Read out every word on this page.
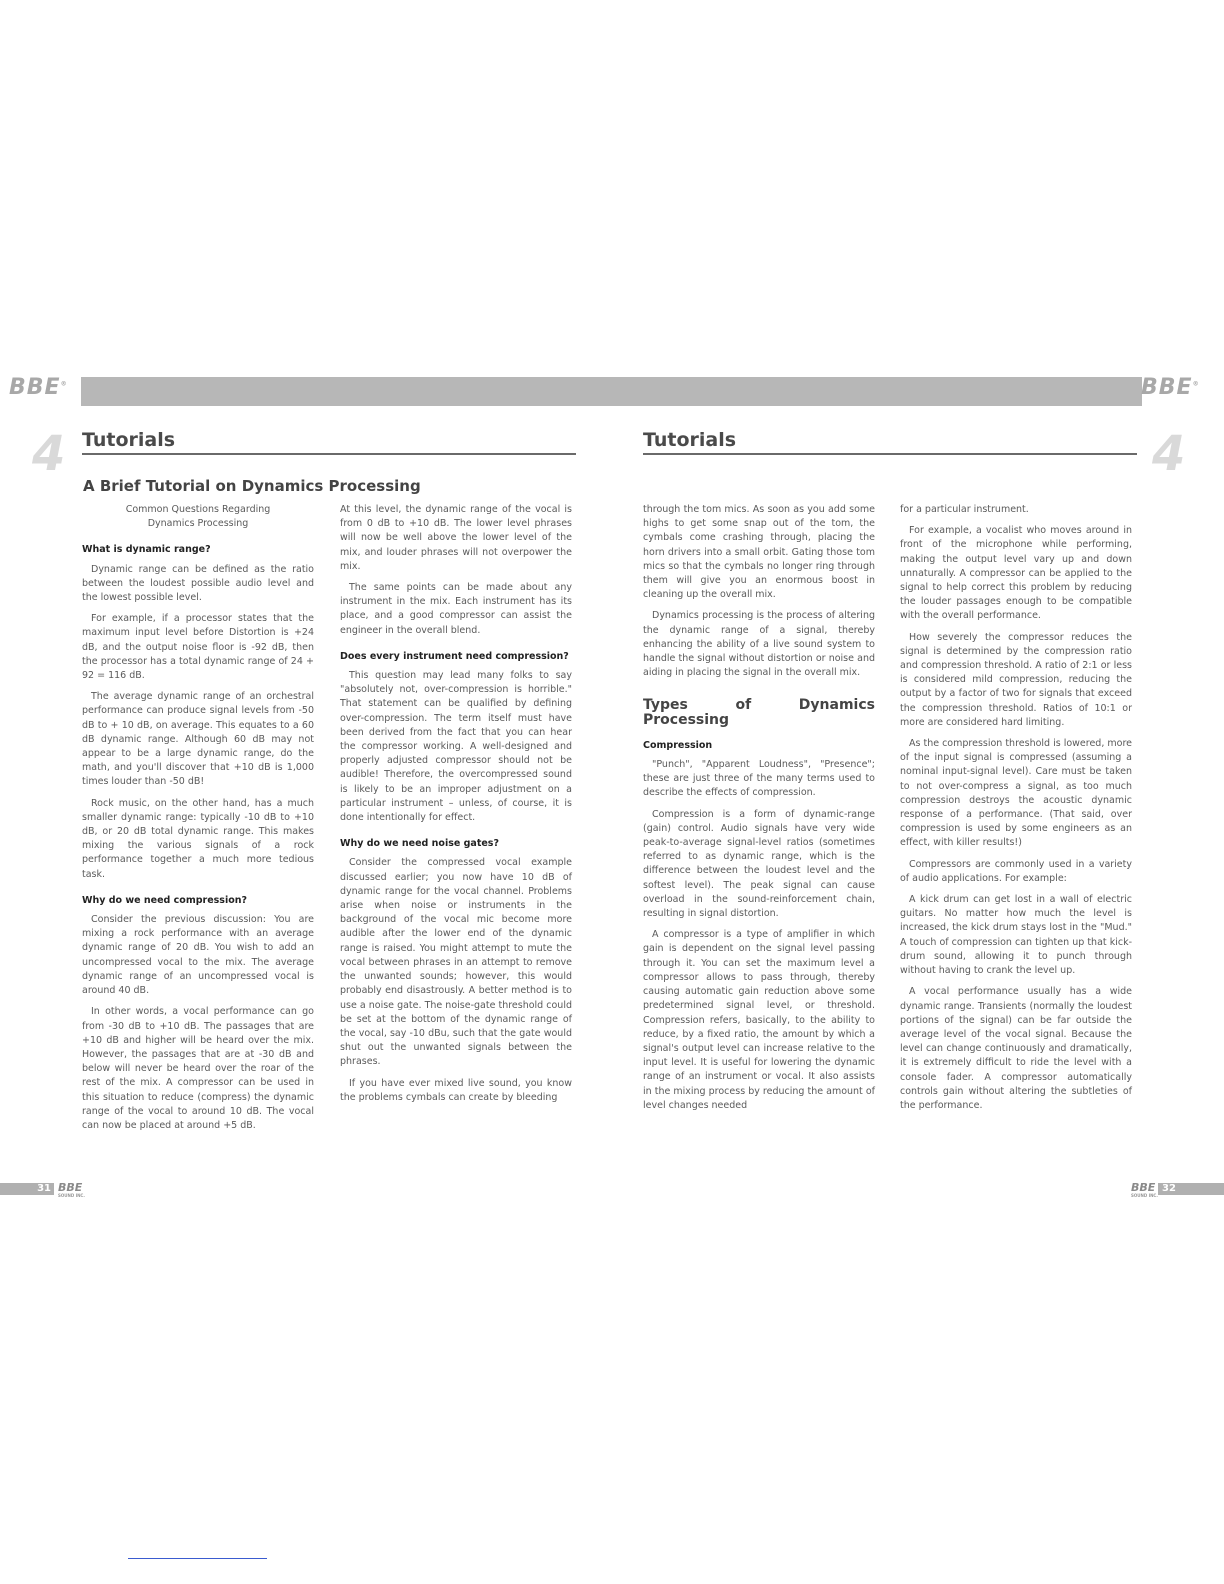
BBE®	BBE®
4	4
Tutorials	Tutorials
A Brief Tutorial on Dynamics Processing

Common Questions Regarding Dynamics Processing

What is dynamic range?

Dynamic range can be defined as the ratio between the loudest possible audio level and the lowest possible level.

For example, if a processor states that the maximum input level before Distortion is +24 dB, and the output noise floor is -92 dB, then the processor has a total dynamic range of 24 + 92 = 116 dB.

The average dynamic range of an orchestral performance can produce signal levels from -50 dB to + 10 dB, on average. This equates to a 60 dB dynamic range. Although 60 dB may not appear to be a large dynamic range, do the math, and you'll discover that +10 dB is 1,000 times louder than -50 dB!

Rock music, on the other hand, has a much smaller dynamic range: typically -10 dB to +10 dB, or 20 dB total dynamic range. This makes mixing the various signals of a rock performance together a much more tedious task.

Why do we need compression?

Consider the previous discussion: You are mixing a rock performance with an average dynamic range of 20 dB. You wish to add an uncompressed vocal to the mix. The average dynamic range of an uncompressed vocal is around 40 dB.

In other words, a vocal performance can go from -30 dB to +10 dB. The passages that are +10 dB and higher will be heard over the mix. However, the passages that are at -30 dB and below will never be heard over the roar of the rest of the mix. A compressor can be used in this situation to reduce (compress) the dynamic range of the vocal to around 10 dB. The vocal can now be placed at around +5 dB.

At this level, the dynamic range of the vocal is from 0 dB to +10 dB. The lower level phrases will now be well above the lower level of the mix, and louder phrases will not overpower the mix.

The same points can be made about any instrument in the mix. Each instrument has its place, and a good compressor can assist the engineer in the overall blend.

Does every instrument need compression?

This question may lead many folks to say "absolutely not, over-compression is horrible." That statement can be qualified by defining over-compression. The term itself must have been derived from the fact that you can hear the compressor working. A well-designed and properly adjusted compressor should not be audible! Therefore, the overcompressed sound is likely to be an improper adjustment on a particular instrument – unless, of course, it is done intentionally for effect.

Why do we need noise gates?

Consider the compressed vocal example discussed earlier; you now have 10 dB of dynamic range for the vocal channel. Problems arise when noise or instruments in the background of the vocal mic become more audible after the lower end of the dynamic range is raised. You might attempt to mute the vocal between phrases in an attempt to remove the unwanted sounds; however, this would probably end disastrously. A better method is to use a noise gate. The noise-gate threshold could be set at the bottom of the dynamic range of the vocal, say -10 dBu, such that the gate would shut out the unwanted signals between the phrases.

If you have ever mixed live sound, you know the problems cymbals can create by bleeding

through the tom mics. As soon as you add some highs to get some snap out of the tom, the cymbals come crashing through, placing the horn drivers into a small orbit. Gating those tom mics so that the cymbals no longer ring through them will give you an enormous boost in cleaning up the overall mix.

Dynamics processing is the process of altering the dynamic range of a signal, thereby enhancing the ability of a live sound system to handle the signal without distortion or noise and aiding in placing the signal in the overall mix.

Types of Dynamics Processing
Compression

"Punch", "Apparent Loudness", "Presence"; these are just three of the many terms used to describe the effects of compression.

Compression is a form of dynamic-range (gain) control. Audio signals have very wide peak-to-average signal-level ratios (sometimes referred to as dynamic range, which is the difference between the loudest level and the softest level). The peak signal can cause overload in the sound-reinforcement chain, resulting in signal distortion.

A compressor is a type of amplifier in which gain is dependent on the signal level passing through it. You can set the maximum level a compressor allows to pass through, thereby causing automatic gain reduction above some predetermined signal level, or threshold. Compression refers, basically, to the ability to reduce, by a fixed ratio, the amount by which a signal's output level can increase relative to the input level. It is useful for lowering the dynamic range of an instrument or vocal. It also assists in the mixing process by reducing the amount of level changes needed

for a particular instrument.

For example, a vocalist who moves around in front of the microphone while performing, making the output level vary up and down unnaturally. A compressor can be applied to the signal to help correct this problem by reducing the louder passages enough to be compatible with the overall performance.

How severely the compressor reduces the signal is determined by the compression ratio and compression threshold. A ratio of 2:1 or less is considered mild compression, reducing the output by a factor of two for signals that exceed the compression threshold. Ratios of 10:1 or more are considered hard limiting.

As the compression threshold is lowered, more of the input signal is compressed (assuming a nominal input-signal level). Care must be taken to not over-compress a signal, as too much compression destroys the acoustic dynamic response of a performance. (That said, over compression is used by some engineers as an effect, with killer results!)

Compressors are commonly used in a variety of audio applications. For example:

A kick drum can get lost in a wall of electric guitars. No matter how much the level is increased, the kick drum stays lost in the "Mud." A touch of compression can tighten up that kick-drum sound, allowing it to punch through without having to crank the level up.

A vocal performance usually has a wide dynamic range. Transients (normally the loudest portions of the signal) can be far outside the average level of the vocal signal. Because the level can change continuously and dramatically, it is extremely difficult to ride the level with a console fader. A compressor automatically controls gain without altering the subtleties of the performance.

31 BBE
SOUND INC.
BBE
SOUND INC.
32
